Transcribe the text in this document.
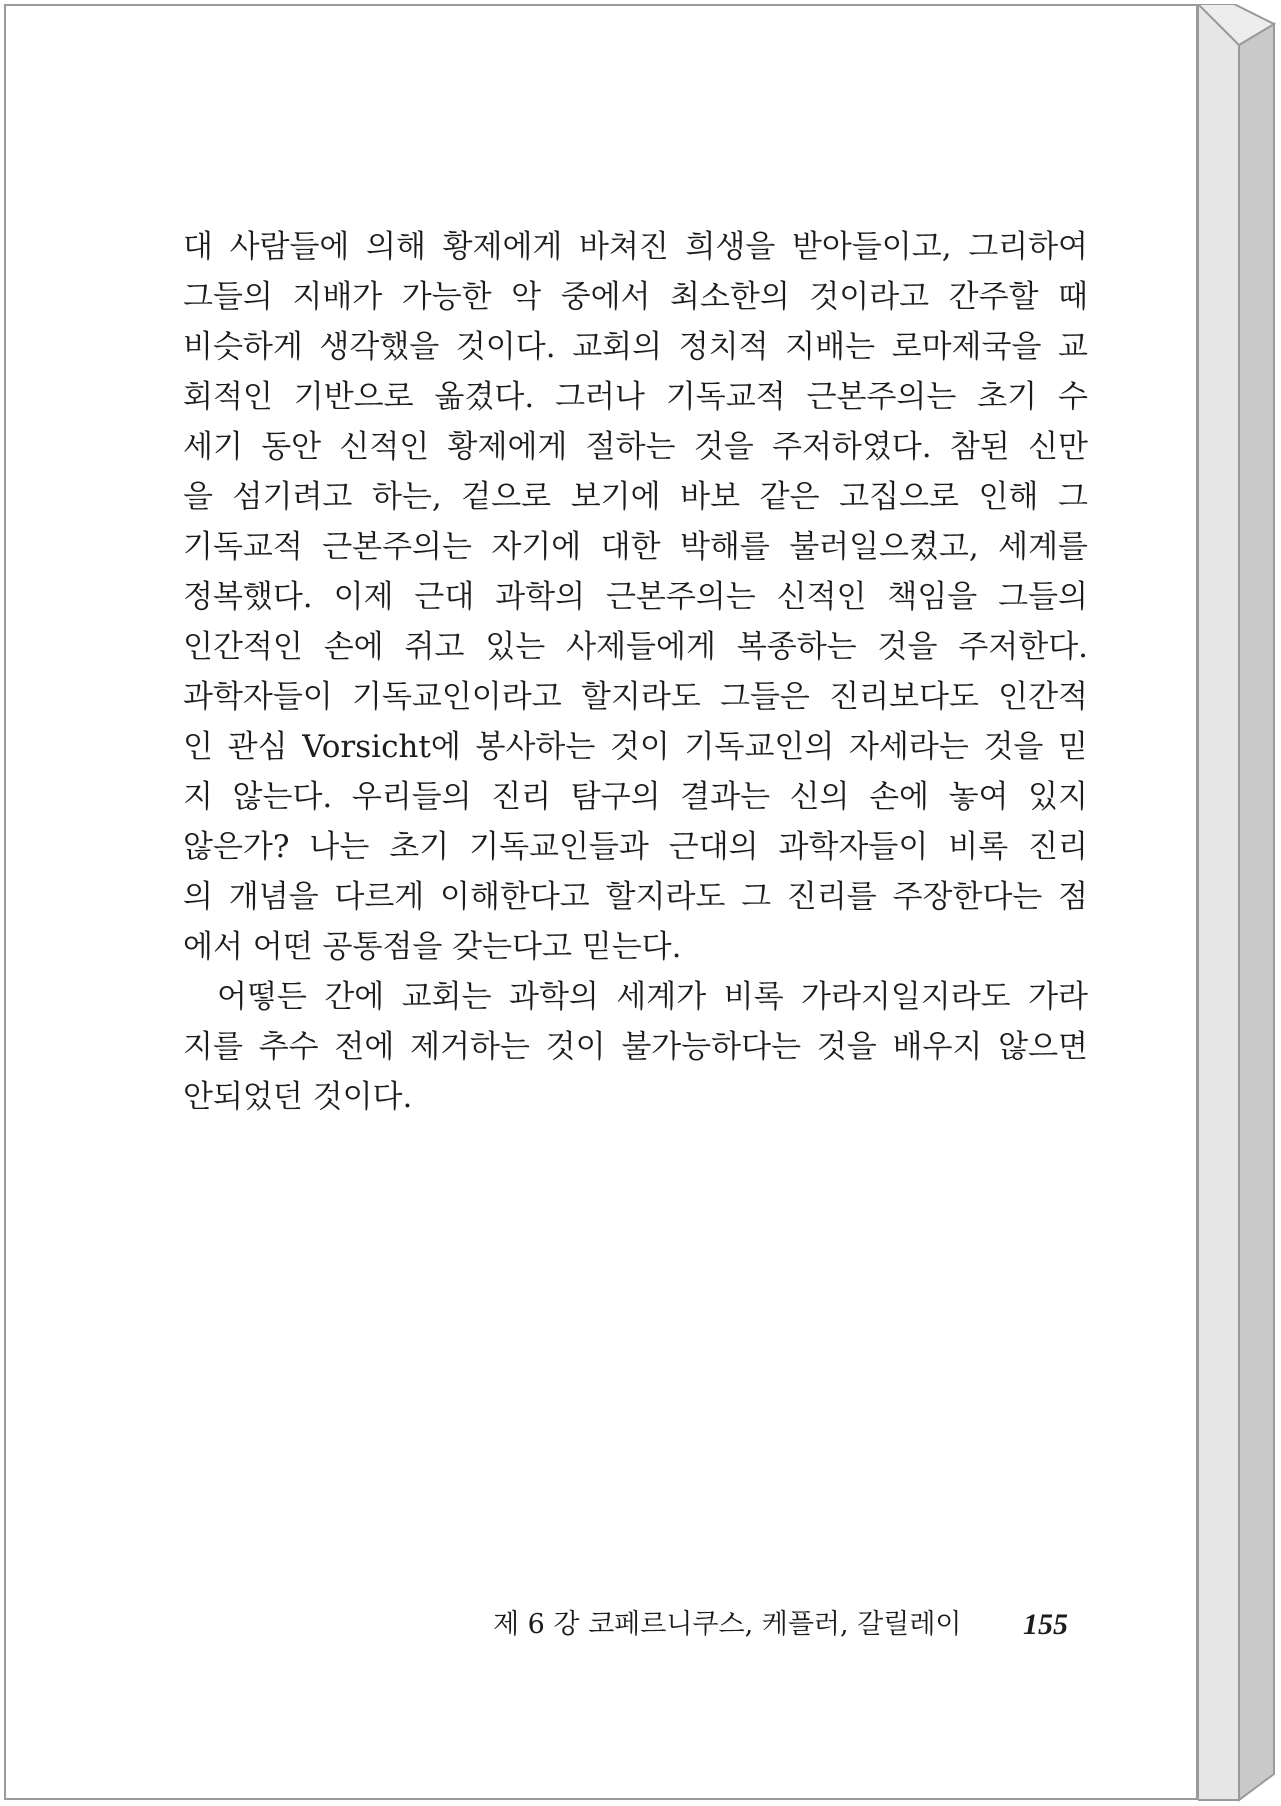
대 사람들에 의해 황제에게 바쳐진 희생을 받아들이고, 그리하여
그들의 지배가 가능한 악 중에서 최소한의 것이라고 간주할 때
비슷하게 생각했을 것이다. 교회의 정치적 지배는 로마제국을 교
회적인 기반으로 옮겼다. 그러나 기독교적 근본주의는 초기 수
세기 동안 신적인 황제에게 절하는 것을 주저하였다. 참된 신만
을 섬기려고 하는, 겉으로 보기에 바보 같은 고집으로 인해 그
기독교적 근본주의는 자기에 대한 박해를 불러일으켰고, 세계를
정복했다. 이제 근대 과학의 근본주의는 신적인 책임을 그들의
인간적인 손에 쥐고 있는 사제들에게 복종하는 것을 주저한다.
과학자들이 기독교인이라고 할지라도 그들은 진리보다도 인간적
인 관심 Vorsicht에 봉사하는 것이 기독교인의 자세라는 것을 믿
지 않는다. 우리들의 진리 탐구의 결과는 신의 손에 놓여 있지
않은가? 나는 초기 기독교인들과 근대의 과학자들이 비록 진리
의 개념을 다르게 이해한다고 할지라도 그 진리를 주장한다는 점
에서 어떤 공통점을 갖는다고 믿는다.
어떻든 간에 교회는 과학의 세계가 비록 가라지일지라도 가라
지를 추수 전에 제거하는 것이 불가능하다는 것을 배우지 않으면
안되었던 것이다.
제 6 강 코페르니쿠스, 케플러, 갈릴레이 155
